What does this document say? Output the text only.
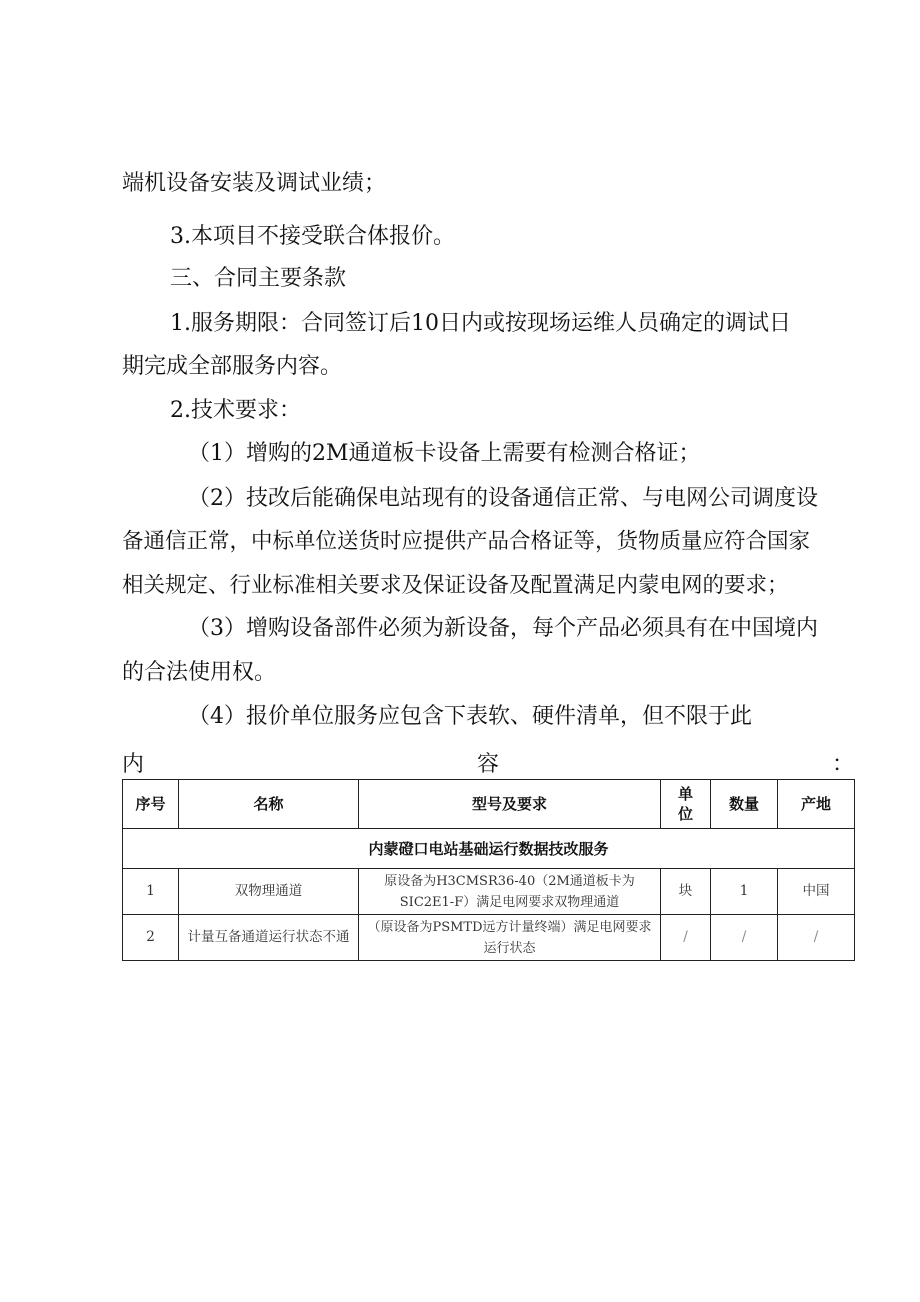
端机设备安装及调试业绩；
3.本项目不接受联合体报价。
三、合同主要条款
1.服务期限：合同签订后10日内或按现场运维人员确定的调试日
期完成全部服务内容。
2.技术要求：
（1）增购的2M通道板卡设备上需要有检测合格证；
（2）技改后能确保电站现有的设备通信正常、与电网公司调度设
备通信正常，中标单位送货时应提供产品合格证等，货物质量应符合国家
相关规定、行业标准相关要求及保证设备及配置满足内蒙电网的要求；
（3）增购设备部件必须为新设备，每个产品必须具有在中国境内
的合法使用权。
（4）报价单位服务应包含下表软、硬件清单，但不限于此
内	容	：
序号	名称	型号及要求	单位	数量	产地
内蒙磴口电站基础运行数据技改服务					
1	双物理通道	原设备为H3CMSR36-40（2M通道板卡为SIC2E1-F）满足电网要求双物理通道	块	1	中国
2	计量互备通道运行状态不通	（原设备为PSMTD远方计量终端）满足电网要求运行状态	/	/	/
